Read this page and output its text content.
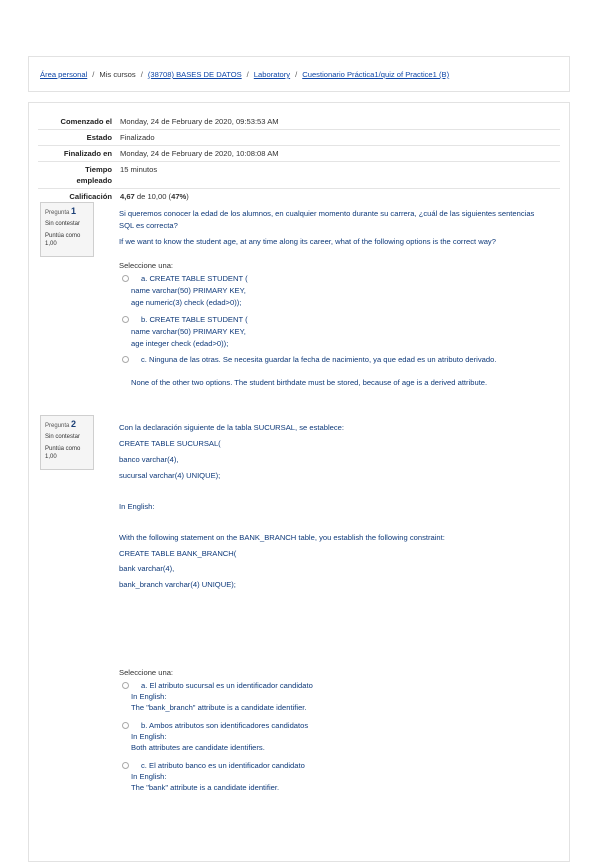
Área personal / Mis cursos / (38708) BASES DE DATOS / Laboratory / Cuestionario Práctica1/quiz of Practice1 (B)
Comenzado el	Monday, 24 de February de 2020, 09:53:53 AM
Estado	Finalizado
Finalizado en	Monday, 24 de February de 2020, 10:08:08 AM
Tiempo
empleado	15 minutos
Calificación	4,67 de 10,00 (47%)
Pregunta 1
Sin contestar
Puntúa como
1,00
Si queremos conocer la edad de los alumnos, en cualquier momento durante su carrera, ¿cuál de las siguientes sentencias
SQL es correcta?
If we want to know the student age, at any time along its career, what of the following options is the correct way?
Seleccione una:
a. CREATE TABLE STUDENT (
name varchar(50) PRIMARY KEY,
age numeric(3) check (edad>0));
b. CREATE TABLE STUDENT (
name varchar(50) PRIMARY KEY,
age integer check (edad>0));
c. Ninguna de las otras. Se necesita guardar la fecha de nacimiento, ya que edad es un atributo derivado.
None of the other two options. The student birthdate must be stored, because of age is a derived attribute.
Pregunta 2
Sin contestar
Puntúa como
1,00
Con la declaración siguiente de la tabla SUCURSAL, se establece:
CREATE TABLE SUCURSAL(
banco varchar(4),
sucursal varchar(4) UNIQUE);
In English:
With the following statement on the BANK_BRANCH table, you establish the following constraint:
CREATE TABLE BANK_BRANCH(
bank varchar(4),
bank_branch varchar(4) UNIQUE);
Seleccione una:
a. El atributo sucursal es un identificador candidato
In English:
The "bank_branch" attribute is a candidate identifier.
b. Ambos atributos son identificadores candidatos
In English:
Both attributes are candidate identifiers.
c. El atributo banco es un identificador candidato
In English:
The "bank" attribute is a candidate identifier.
